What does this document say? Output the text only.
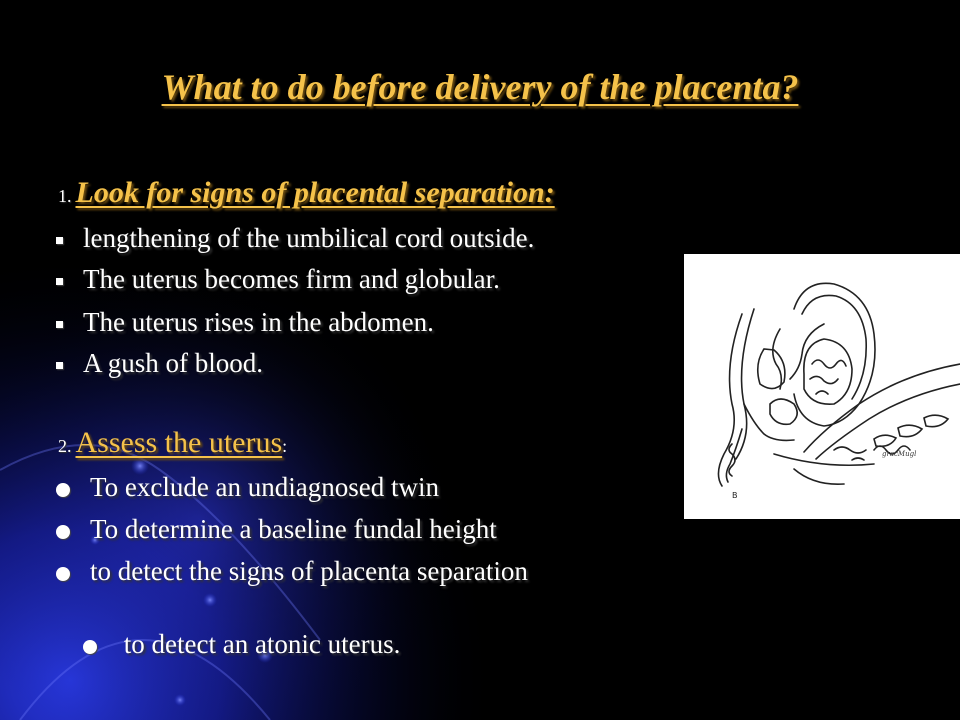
What to do before delivery of the placenta?
1. Look for signs of placental separation:
lengthening of the umbilical cord outside.
The uterus becomes firm and globular.
The uterus rises in the abdomen.
A gush of blood.
2. Assess the uterus:
To exclude an undiagnosed twin
To determine a baseline fundal height
to detect the signs of placenta separation

to detect an atonic uterus.

B
gracMugl
